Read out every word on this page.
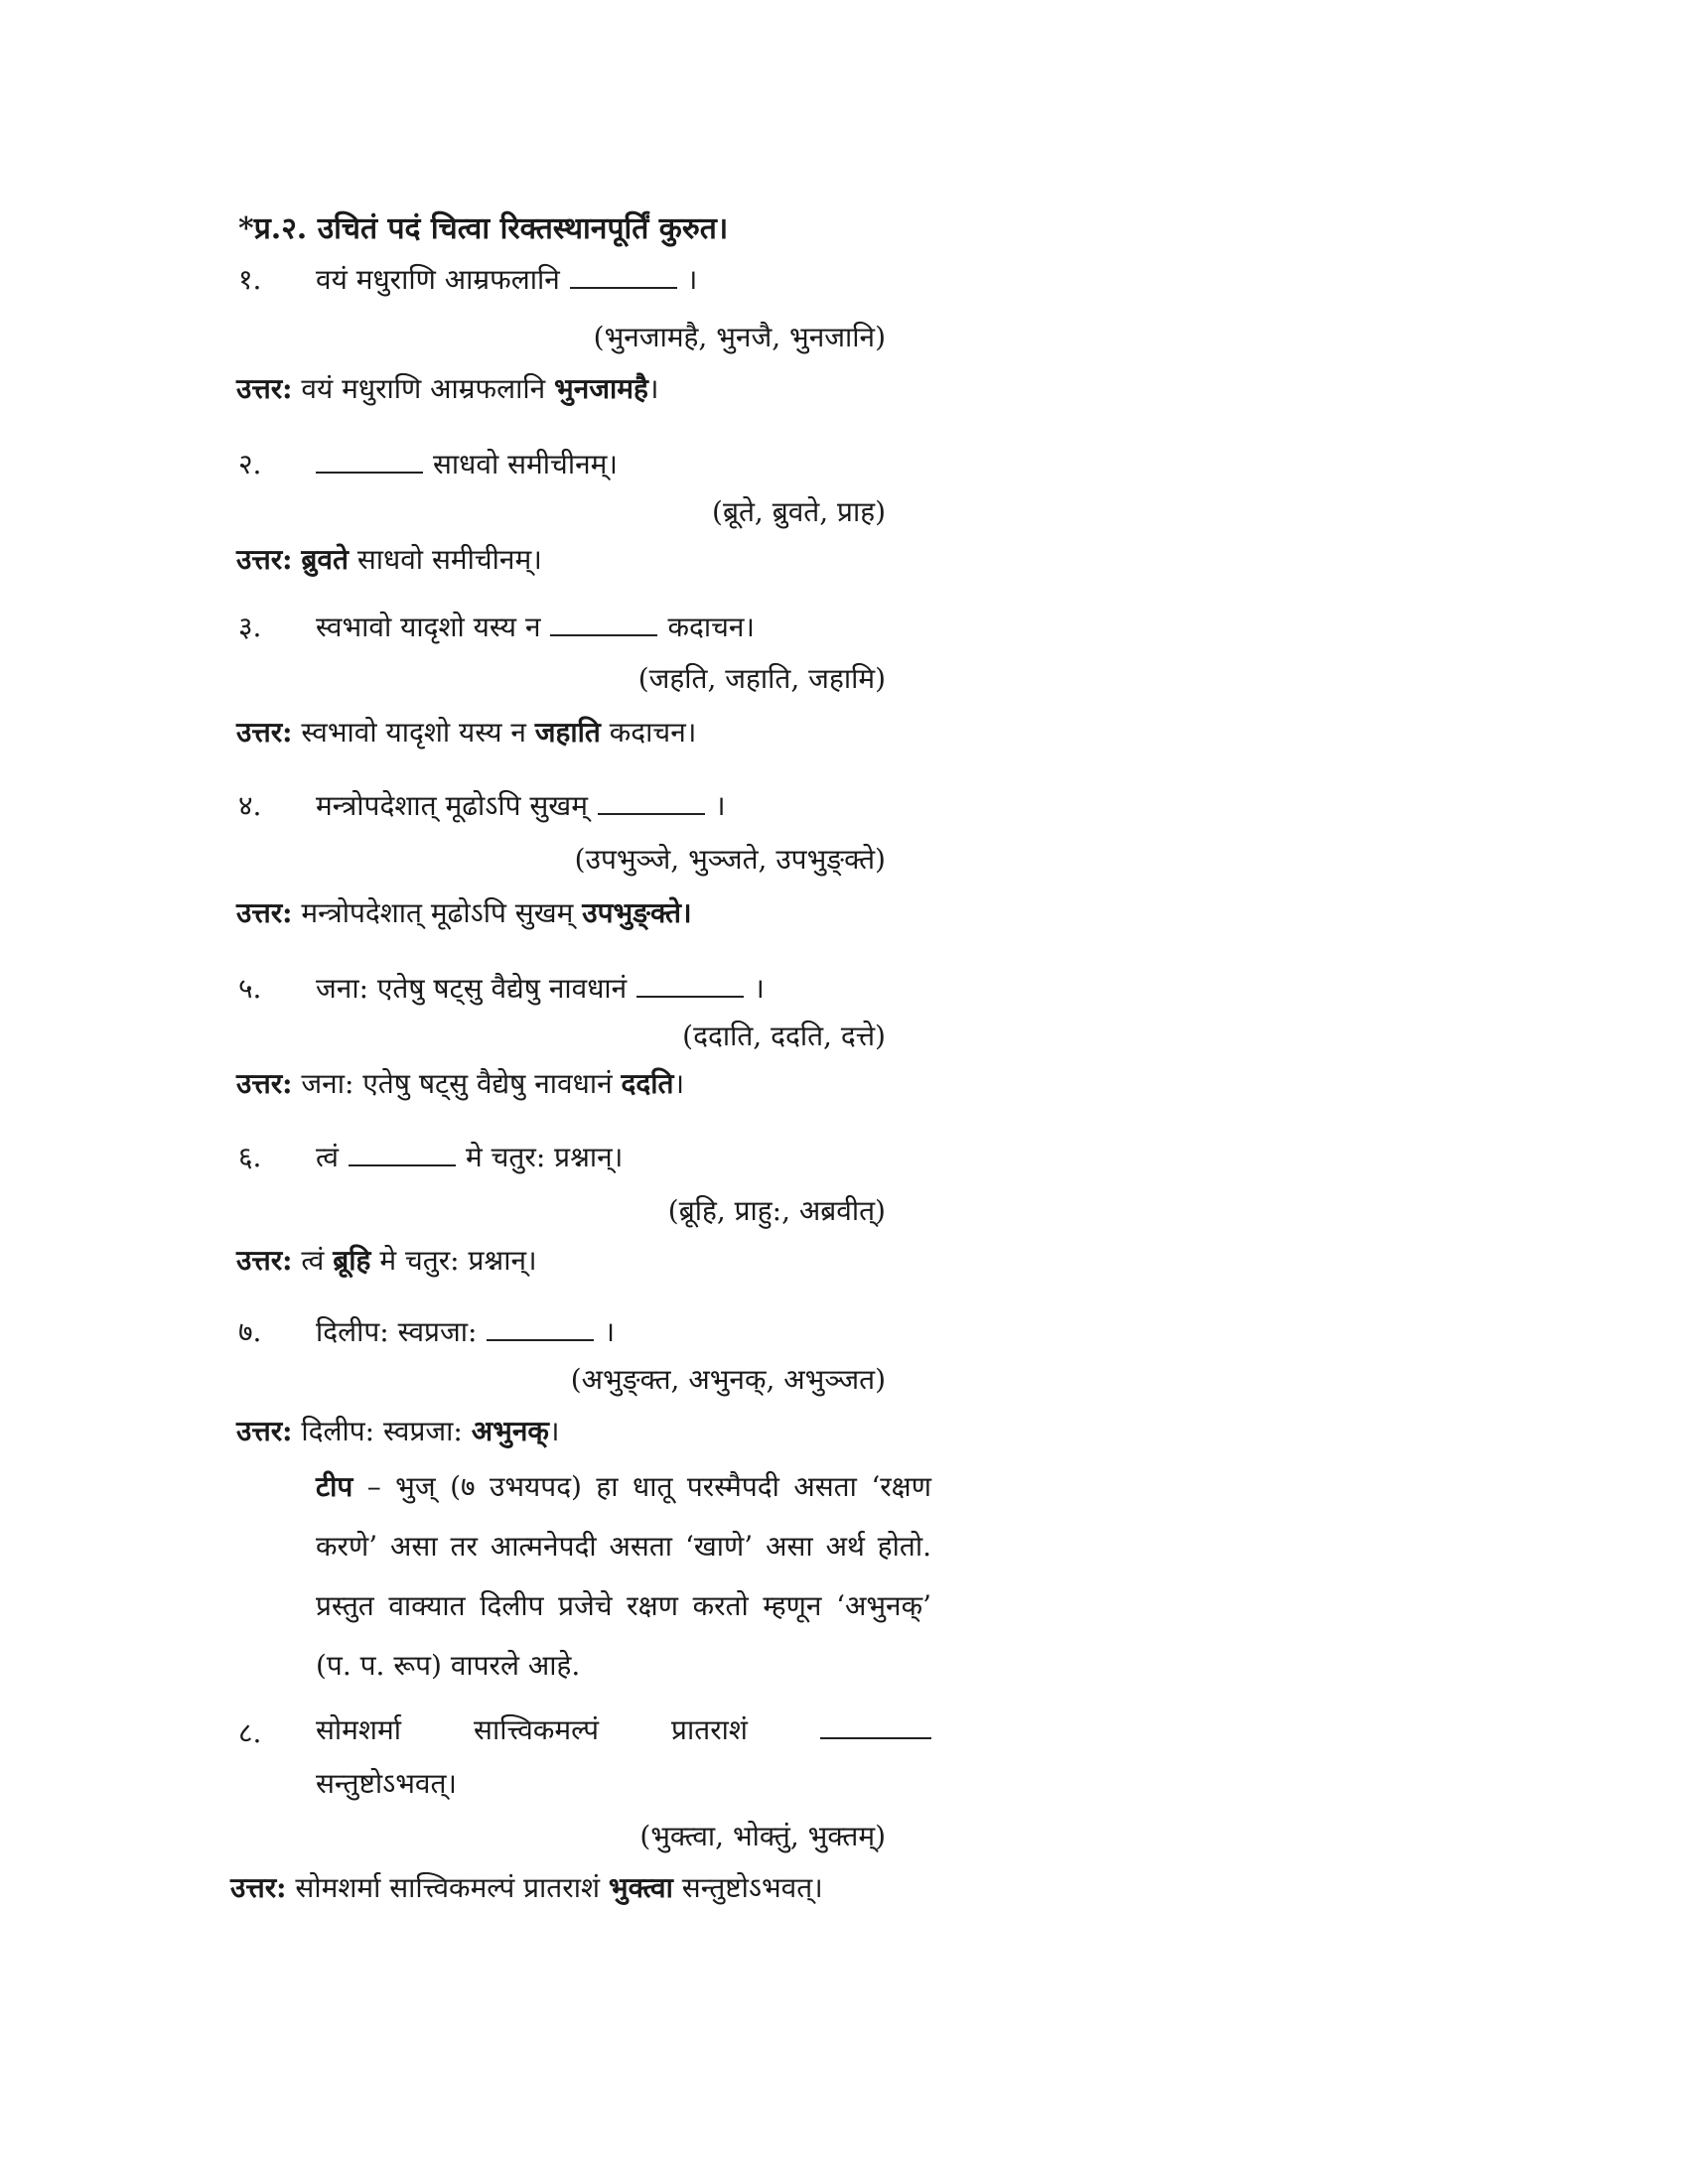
*प्र.२. उचितं पदं चित्वा रिक्तस्थानपूर्तिं कुरुत।
१. वयं मधुराणि आम्रफलानि	।
(भुनजामहै, भुनजै, भुनजानि)
उत्तर: वयं मधुराणि आम्रफलानि भुनजामहै।
२.	साधवो समीचीनम्।
(ब्रूते, ब्रुवते, प्राह)
उत्तर: ब्रुवते साधवो समीचीनम्।
३. स्वभावो यादृशो यस्य न	कदाचन।
(जहति, जहाति, जहामि)
उत्तर: स्वभावो यादृशो यस्य न जहाति कदाचन।
४. मन्त्रोपदेशात् मूढोऽपि सुखम्	।
(उपभुञ्जे, भुञ्जते, उपभुङ्क्ते)
उत्तर: मन्त्रोपदेशात् मूढोऽपि सुखम् उपभुङ्क्ते।
५. जना: एतेषु षट्सु वैद्येषु नावधानं	।
(ददाति, ददति, दत्ते)
उत्तर: जना: एतेषु षट्सु वैद्येषु नावधानं ददति।
६. त्वं	मे चतुर: प्रश्नान्।
(ब्रूहि, प्राहु:, अब्रवीत्)
उत्तर: त्वं ब्रूहि मे चतुर: प्रश्नान्।
७. दिलीप: स्वप्रजा:	।
(अभुङ्क्त, अभुनक्, अभुञ्जत)
उत्तर: दिलीप: स्वप्रजा: अभुनक्।
टीप – भुज् (७ उभयपद) हा धातू परस्मैपदी असता ‘रक्षण करणे’ असा तर आत्मनेपदी असता ‘खाणे’ असा अर्थ होतो. प्रस्तुत वाक्यात दिलीप प्रजेचे रक्षण करतो म्हणून ‘अभुनक्’ (प. प. रूप) वापरले आहे.
८. सोमशर्मा	सात्त्विकमल्पं	प्रातराशं
सन्तुष्टोऽभवत्।
(भुक्त्वा, भोक्तुं, भुक्तम्)
उत्तर: सोमशर्मा सात्त्विकमल्पं प्रातराशं भुक्त्वा सन्तुष्टोऽभवत्।
